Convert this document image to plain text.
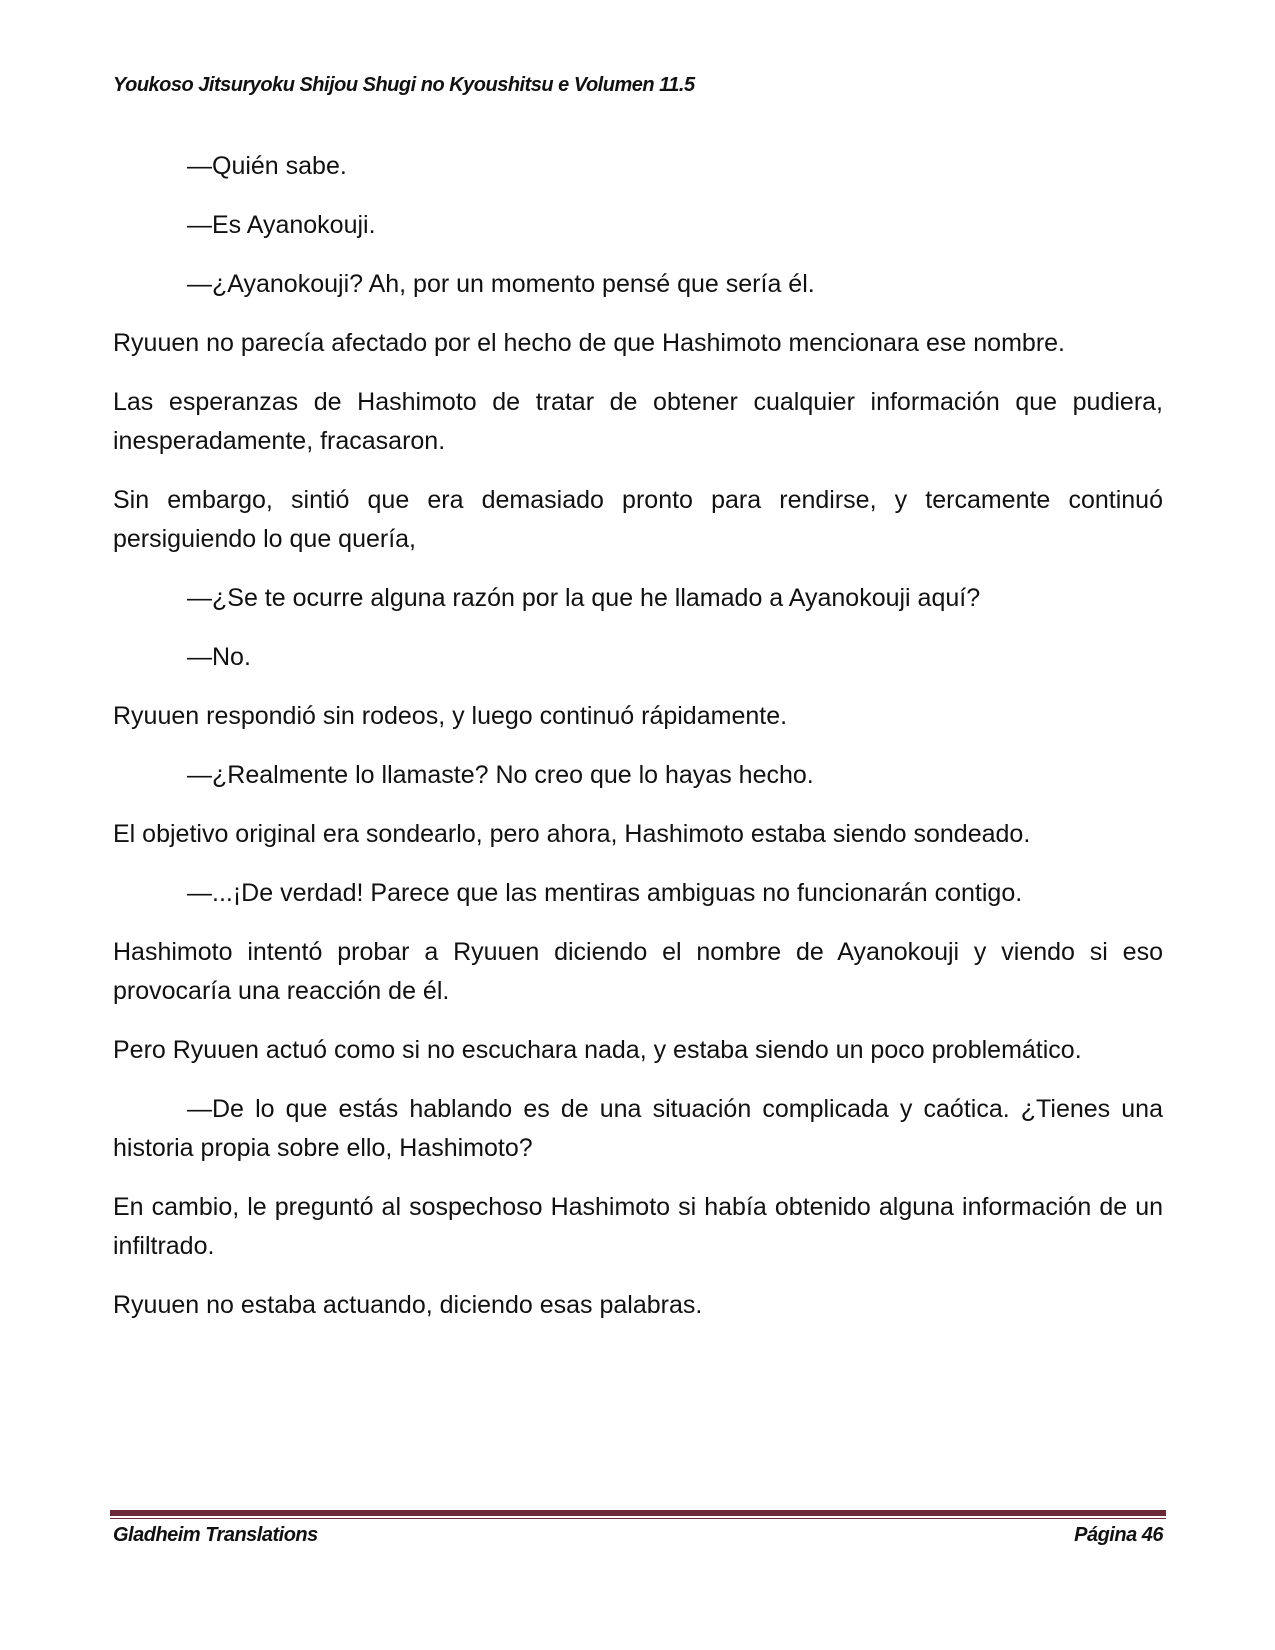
Youkoso Jitsuryoku Shijou Shugi no Kyoushitsu e Volumen 11.5

—Quién sabe.

—Es Ayanokouji.

—¿Ayanokouji? Ah, por un momento pensé que sería él.

Ryuuen no parecía afectado por el hecho de que Hashimoto mencionara ese nombre.

Las esperanzas de Hashimoto de tratar de obtener cualquier información que pudiera, inesperadamente, fracasaron.

Sin embargo, sintió que era demasiado pronto para rendirse, y tercamente continuó persiguiendo lo que quería,

—¿Se te ocurre alguna razón por la que he llamado a Ayanokouji aquí?

—No.

Ryuuen respondió sin rodeos, y luego continuó rápidamente.

—¿Realmente lo llamaste? No creo que lo hayas hecho.

El objetivo original era sondearlo, pero ahora, Hashimoto estaba siendo sondeado.

—...¡De verdad! Parece que las mentiras ambiguas no funcionarán contigo.

Hashimoto intentó probar a Ryuuen diciendo el nombre de Ayanokouji y viendo si eso provocaría una reacción de él.

Pero Ryuuen actuó como si no escuchara nada, y estaba siendo un poco problemático.

—De lo que estás hablando es de una situación complicada y caótica. ¿Tienes una historia propia sobre ello, Hashimoto?

En cambio, le preguntó al sospechoso Hashimoto si había obtenido alguna información de un infiltrado.

Ryuuen no estaba actuando, diciendo esas palabras.

Gladheim Translations	Página 46
